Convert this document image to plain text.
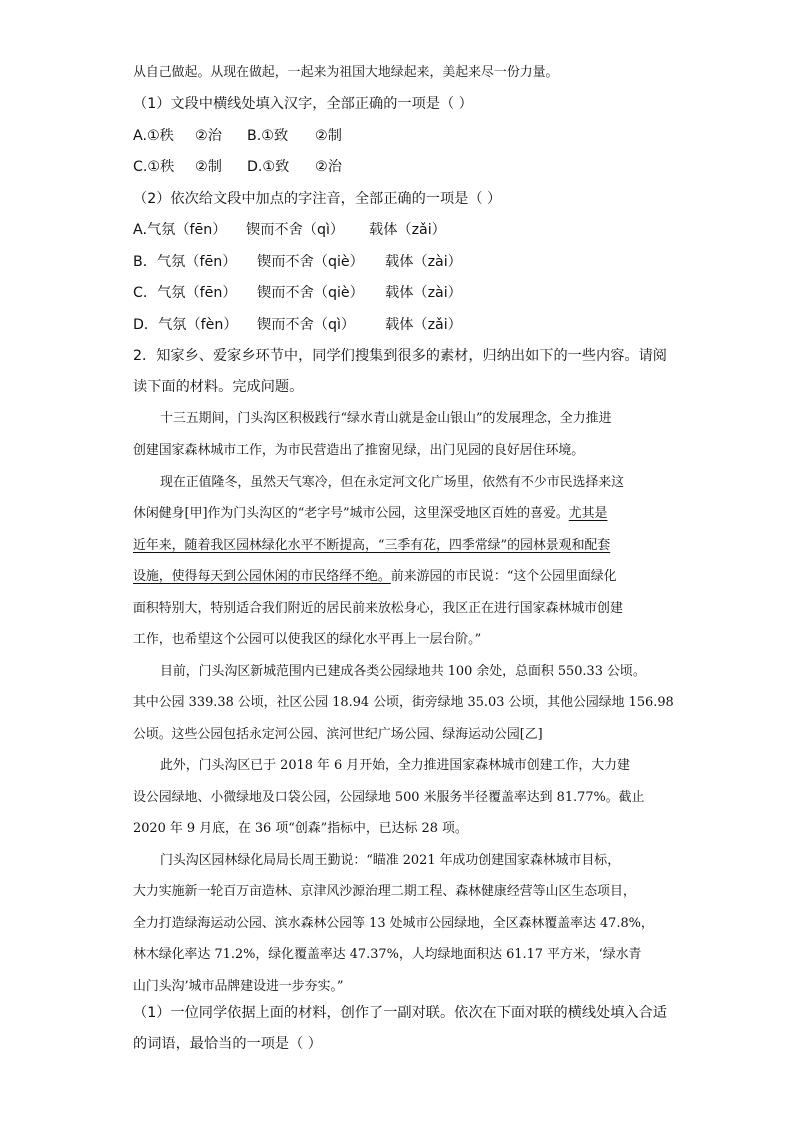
从自己做起。从现在做起，一起来为祖国大地绿起来，美起来尽一份力量。
（1）文段中横线处填入汉字，全部正确的一项是（ ）
A.①秩 ②治 B.①致 ②制
C.①秩 ②制 D.①致 ②治
（2）依次给文段中加点的字注音，全部正确的一项是（ ）
A.气氛（fēn） 锲而不舍（qì） 载体（zǎi）
B．气氛（fēn） 锲而不舍（qiè） 载体（zài）
C．气氛（fēn） 锲而不舍（qiè） 载体（zài）
D．气氛（fèn） 锲而不舍（qì） 载体（zǎi）
2．知家乡、爱家乡环节中，同学们搜集到很多的素材，归纳出如下的一些内容。请阅
读下面的材料。完成问题。
十三五期间，门头沟区积极践行“绿水青山就是金山银山”的发展理念，全力推进
创建国家森林城市工作，为市民营造出了推窗见绿，出门见园的良好居住环境。
现在正值隆冬，虽然天气寒冷，但在永定河文化广场里，依然有不少市民选择来这
休闲健身[甲]作为门头沟区的“老字号”城市公园，这里深受地区百姓的喜爱。尤其是
近年来，随着我区园林绿化水平不断提高，“三季有花，四季常绿”的园林景观和配套
设施，使得每天到公园休闲的市民络绎不绝。前来游园的市民说：“这个公园里面绿化
面积特别大，特别适合我们附近的居民前来放松身心，我区正在进行国家森林城市创建
工作，也希望这个公园可以使我区的绿化水平再上一层台阶。”
目前，门头沟区新城范围内已建成各类公园绿地共 100 余处，总面积 550.33 公顷。
其中公园 339.38 公顷，社区公园 18.94 公顷，街旁绿地 35.03 公顷，其他公园绿地 156.98
公顷。这些公园包括永定河公园、滨河世纪广场公园、绿海运动公园[乙]
此外，门头沟区已于 2018 年 6 月开始，全力推进国家森林城市创建工作，大力建
设公园绿地、小微绿地及口袋公园，公园绿地 500 米服务半径覆盖率达到 81.77%。截止
2020 年 9 月底，在 36 项“创森”指标中，已达标 28 项。
门头沟区园林绿化局局长周王勤说：“瞄准 2021 年成功创建国家森林城市目标，
大力实施新一轮百万亩造林、京津风沙源治理二期工程、森林健康经营等山区生态项目，
全力打造绿海运动公园、滨水森林公园等 13 处城市公园绿地，全区森林覆盖率达 47.8%，
林木绿化率达 71.2%，绿化覆盖率达 47.37%，人均绿地面积达 61.17 平方米，‘绿水青
山门头沟’城市品牌建设进一步夯实。”
（1）一位同学依据上面的材料，创作了一副对联。依次在下面对联的横线处填入合适
的词语，最恰当的一项是（ ）
